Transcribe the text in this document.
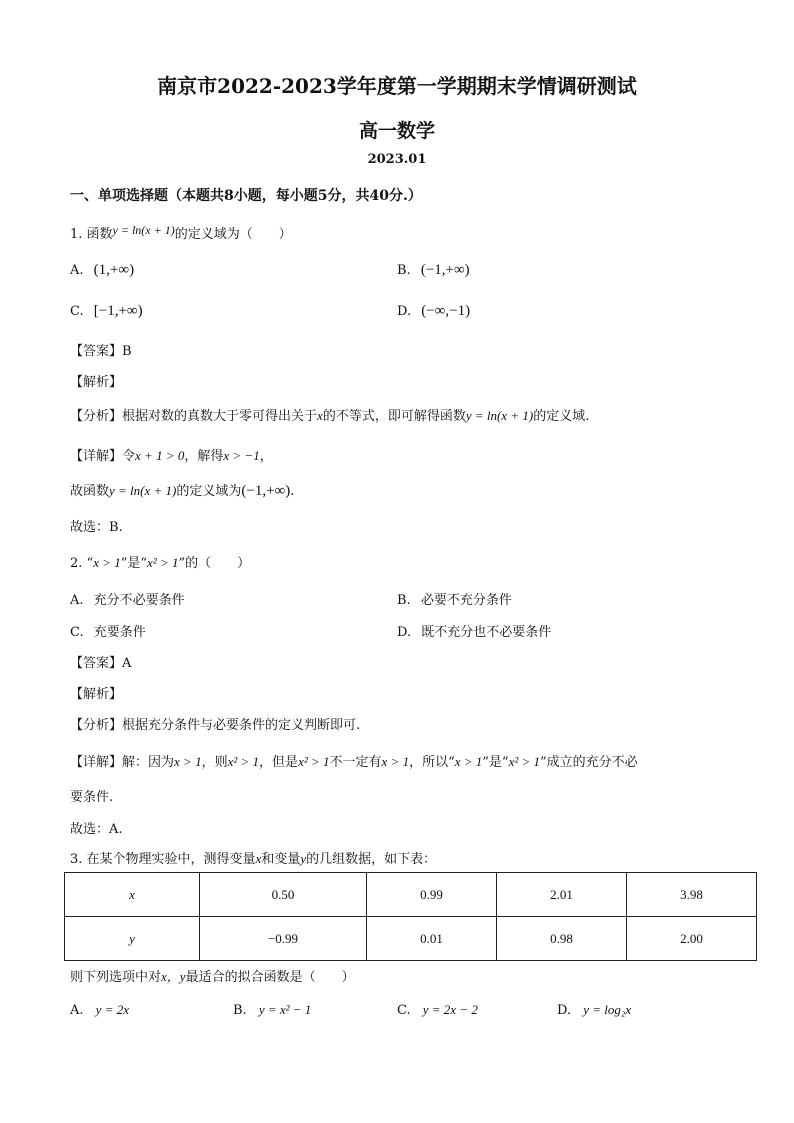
南京市2022-2023学年度第一学期期末学情调研测试
高一数学
2023.01
一、单项选择题（本题共8小题，每小题5分，共40分.）
1. 函数y = ln(x + 1)的定义域为（　　）
A. (1,+∞)	B. (−1,+∞)
C. [−1,+∞)	D. (−∞,−1)
【答案】B
【解析】
【分析】根据对数的真数大于零可得出关于x的不等式，即可解得函数y = ln(x + 1)的定义域.
【详解】令x + 1 > 0，解得x > −1，
故函数y = ln(x + 1)的定义域为(−1,+∞).
故选：B.
2. “x > 1”是“x² > 1”的（　　）
A. 充分不必要条件	B. 必要不充分条件
C. 充要条件	D. 既不充分也不必要条件
【答案】A
【解析】
【分析】根据充分条件与必要条件的定义判断即可.
【详解】解：因为x > 1，则x² > 1，但是x² > 1不一定有x > 1，所以“x > 1”是“x² > 1”成立的充分不必
要条件.
故选：A.
3. 在某个物理实验中，测得变量x和变量y的几组数据，如下表：
x	0.50	0.99	2.01	3.98
y	−0.99	0.01	0.98	2.00
则下列选项中对x，y最适合的拟合函数是（　　）
A. y = 2x	B. y = x² − 1	C. y = 2x − 2	D. y = log₂x
